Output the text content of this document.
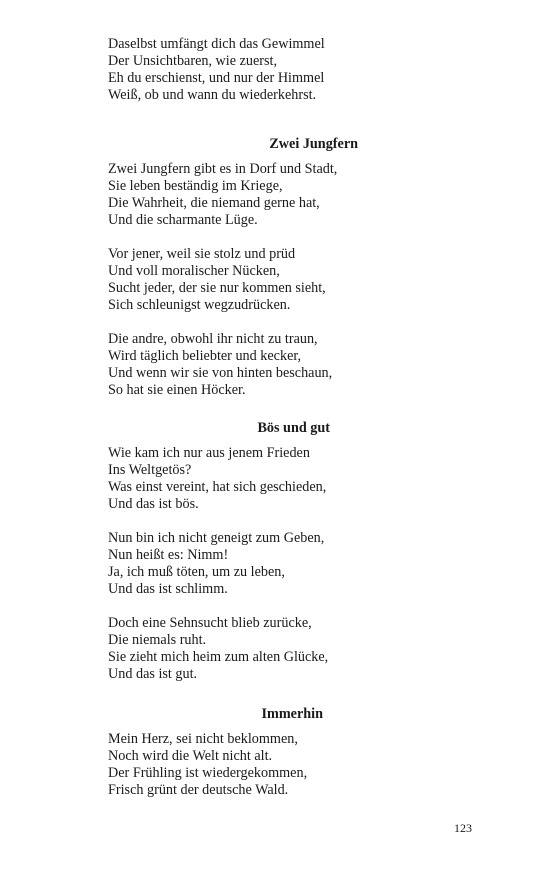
Daselbst umfängt dich das Gewimmel

Der Unsichtbaren, wie zuerst,

Eh du erschienst, und nur der Himmel

Weiß, ob und wann du wiederkehrst.

Zwei Jungfern

Zwei Jungfern gibt es in Dorf und Stadt,

Sie leben beständig im Kriege,

Die Wahrheit, die niemand gerne hat,

Und die scharmante Lüge.

Vor jener, weil sie stolz und prüd

Und voll moralischer Nücken,

Sucht jeder, der sie nur kommen sieht,

Sich schleunigst wegzudrücken.

Die andre, obwohl ihr nicht zu traun,

Wird täglich beliebter und kecker,

Und wenn wir sie von hinten beschaun,

So hat sie einen Höcker.

Bös und gut

Wie kam ich nur aus jenem Frieden

Ins Weltgetös?

Was einst vereint, hat sich geschieden,

Und das ist bös.

Nun bin ich nicht geneigt zum Geben,

Nun heißt es: Nimm!

Ja, ich muß töten, um zu leben,

Und das ist schlimm.

Doch eine Sehnsucht blieb zurücke,

Die niemals ruht.

Sie zieht mich heim zum alten Glücke,

Und das ist gut.

Immerhin

Mein Herz, sei nicht beklommen,

Noch wird die Welt nicht alt.

Der Frühling ist wiedergekommen,

Frisch grünt der deutsche Wald.

123
